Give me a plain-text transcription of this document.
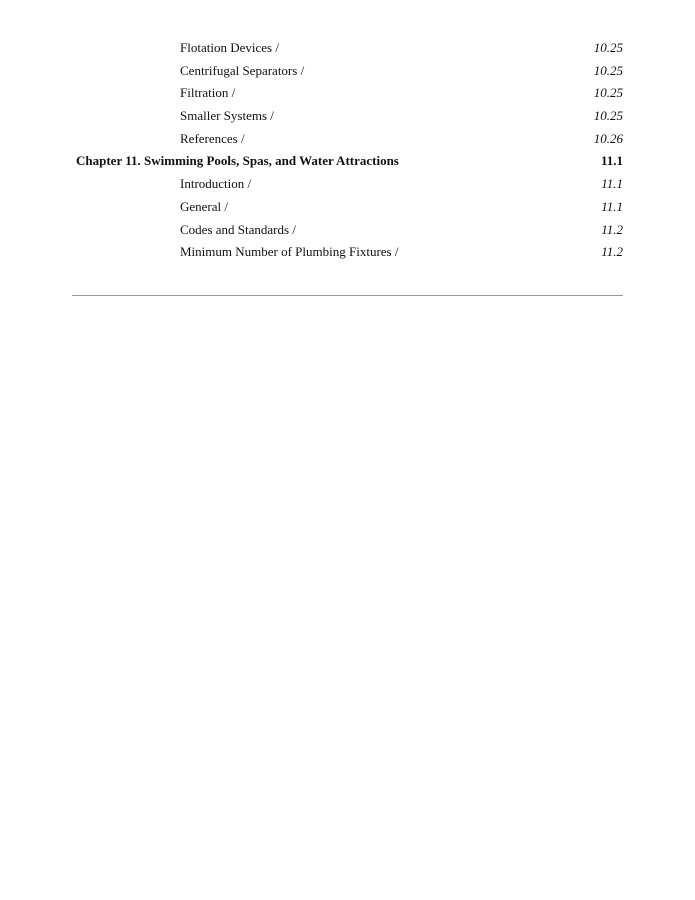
Flotation Devices /	10.25
Centrifugal Separators /	10.25
Filtration /	10.25
Smaller Systems /	10.25
References /	10.26
Chapter 11. Swimming Pools, Spas, and Water Attractions	11.1
Introduction /	11.1
General /	11.1
Codes and Standards /	11.2
Minimum Number of Plumbing Fixtures /	11.2
